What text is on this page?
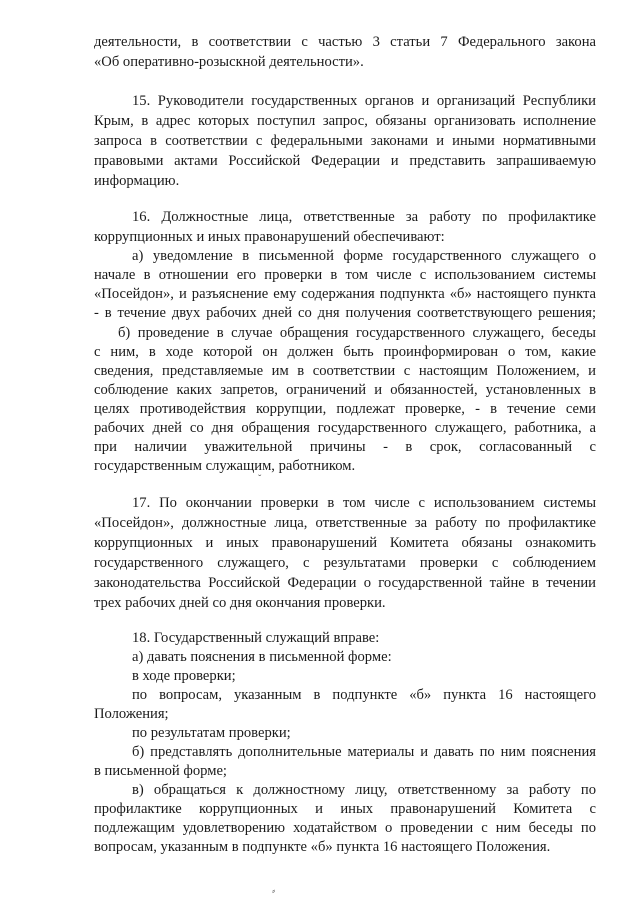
ˇ
⸗
деятельности, в соответствии с частью 3 статьи 7 Федерального закона
«Об оперативно-розыскной деятельности».
15. Руководители государственных органов и организаций Республики
Крым, в адрес которых поступил запрос, обязаны организовать исполнение
запроса в соответствии с федеральными законами и иными нормативными
правовыми актами Российской Федерации и представить запрашиваемую
информацию.
16. Должностные лица, ответственные за работу по профилактике
коррупционных и иных правонарушений обеспечивают:
а) уведомление в письменной форме государственного служащего о
начале в отношении его проверки в том числе с использованием системы
«Посейдон», и разъяснение ему содержания подпункта «б» настоящего пункта
- в течение двух рабочих дней со дня получения соответствующего решения;
б) проведение в случае обращения государственного служащего, беседы
с ним, в ходе которой он должен быть проинформирован о том, какие
сведения, представляемые им в соответствии с настоящим Положением, и
соблюдение каких запретов, ограничений и обязанностей, установленных в
целях противодействия коррупции, подлежат проверке, - в течение семи
рабочих дней со дня обращения государственного служащего, работника, а
при наличии уважительной причины - в срок, согласованный с
государственным служащим, работником.
17. По окончании проверки в том числе с использованием системы
«Посейдон», должностные лица, ответственные за работу по профилактике
коррупционных и иных правонарушений Комитета обязаны ознакомить
государственного служащего, с результатами проверки с соблюдением
законодательства Российской Федерации о государственной тайне в течении
трех рабочих дней со дня окончания проверки.
18. Государственный служащий вправе:
а) давать пояснения в письменной форме:
в ходе проверки;
по вопросам, указанным в подпункте «б» пункта 16 настоящего
Положения;
по результатам проверки;
б) представлять дополнительные материалы и давать по ним пояснения
в письменной форме;
в) обращаться к должностному лицу, ответственному за работу по
профилактике коррупционных и иных правонарушений Комитета с
подлежащим удовлетворению ходатайством о проведении с ним беседы по
вопросам, указанным в подпункте «б» пункта 16 настоящего Положения.
